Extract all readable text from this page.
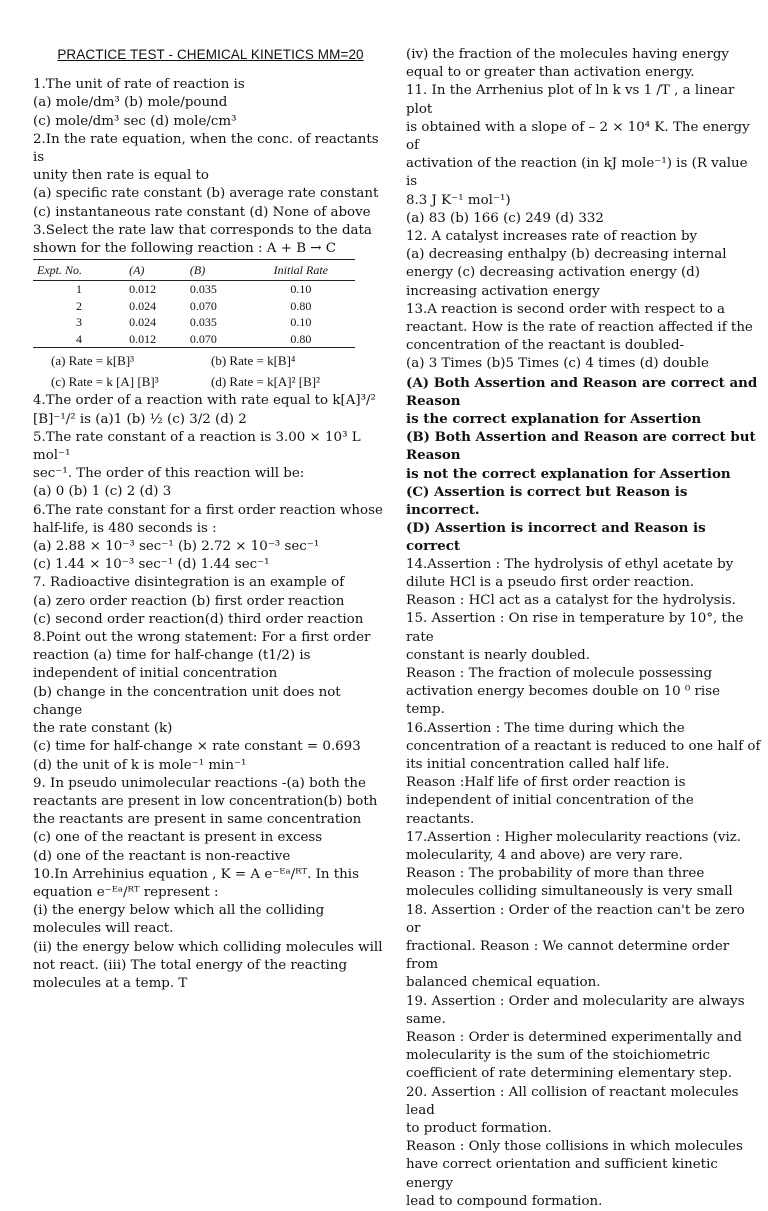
PRACTICE TEST - CHEMICAL KINETICS MM=20
1.The unit of rate of reaction is
(a) mole/dm³ (b) mole/pound
(c) mole/dm³ sec (d) mole/cm³
2.In the rate equation, when the conc. of reactants is
unity then rate is equal to
(a) specific rate constant (b) average rate constant
(c) instantaneous rate constant (d) None of above
3.Select the rate law that corresponds to the data
shown for the following reaction : A + B → C
Expt. No.	(A)	(B)	Initial Rate
1	0.012	0.035	0.10
2	0.024	0.070	0.80
3	0.024	0.035	0.10
4	0.012	0.070	0.80
(a) Rate = k[B]³	(b) Rate = k[B]⁴
(c) Rate = k [A] [B]³	(d) Rate = k[A]² [B]²
4.The order of a reaction with rate equal to k[A]³/²
[B]⁻¹/² is (a)1 (b) ½ (c) 3/2 (d) 2
5.The rate constant of a reaction is 3.00 × 10³ L mol⁻¹
sec⁻¹. The order of this reaction will be:
(a) 0 (b) 1 (c) 2 (d) 3
6.The rate constant for a first order reaction whose
half-life, is 480 seconds is :
(a) 2.88 × 10⁻³ sec⁻¹ (b) 2.72 × 10⁻³ sec⁻¹
(c) 1.44 × 10⁻³ sec⁻¹ (d) 1.44 sec⁻¹
7. Radioactive disintegration is an example of
(a) zero order reaction (b) first order reaction
(c) second order reaction(d) third order reaction
8.Point out the wrong statement: For a first order
reaction (a) time for half-change (t1/2) is
independent of initial concentration
(b) change in the concentration unit does not change
the rate constant (k)
(c) time for half-change × rate constant = 0.693
(d) the unit of k is mole⁻¹ min⁻¹
9. In pseudo unimolecular reactions -(a) both the
reactants are present in low concentration(b) both
the reactants are present in same concentration
(c) one of the reactant is present in excess
(d) one of the reactant is non-reactive
10.In Arrehinius equation , K = A e⁻ᴱᵃ/ᴿᵀ. In this
equation e⁻ᴱᵃ/ᴿᵀ represent :
(i) the energy below which all the colliding
molecules will react.
(ii) the energy below which colliding molecules will
not react. (iii) The total energy of the reacting
molecules at a temp. T
(iv) the fraction of the molecules having energy
equal to or greater than activation energy.
11. In the Arrhenius plot of ln k vs 1 /T , a linear plot
is obtained with a slope of – 2 × 10⁴ K. The energy of
activation of the reaction (in kJ mole⁻¹) is (R value is
8.3 J K⁻¹ mol⁻¹)
(a) 83 (b) 166 (c) 249 (d) 332
12. A catalyst increases rate of reaction by
(a) decreasing enthalpy (b) decreasing internal
energy (c) decreasing activation energy (d)
increasing activation energy
13.A reaction is second order with respect to a
reactant. How is the rate of reaction affected if the
concentration of the reactant is doubled-
(a) 3 Times (b)5 Times (c) 4 times (d) double
(A) Both Assertion and Reason are correct and Reason
is the correct explanation for Assertion
(B) Both Assertion and Reason are correct but Reason
is not the correct explanation for Assertion
(C) Assertion is correct but Reason is incorrect.
(D) Assertion is incorrect and Reason is correct
14.Assertion : The hydrolysis of ethyl acetate by
dilute HCl is a pseudo first order reaction.
Reason : HCl act as a catalyst for the hydrolysis.
15. Assertion : On rise in temperature by 10°, the rate
constant is nearly doubled.
Reason : The fraction of molecule possessing
activation energy becomes double on 10 ⁰ rise temp.
16.Assertion : The time during which the
concentration of a reactant is reduced to one half of
its initial concentration called half life.
Reason :Half life of first order reaction is
independent of initial concentration of the reactants.
17.Assertion : Higher molecularity reactions (viz.
molecularity, 4 and above) are very rare.
Reason : The probability of more than three
molecules colliding simultaneously is very small
18. Assertion : Order of the reaction can't be zero or
fractional. Reason : We cannot determine order from
balanced chemical equation.
19. Assertion : Order and molecularity are always
same.
Reason : Order is determined experimentally and
molecularity is the sum of the stoichiometric
coefficient of rate determining elementary step.
20. Assertion : All collision of reactant molecules lead
to product formation.
Reason : Only those collisions in which molecules
have correct orientation and sufficient kinetic energy
lead to compound formation.
